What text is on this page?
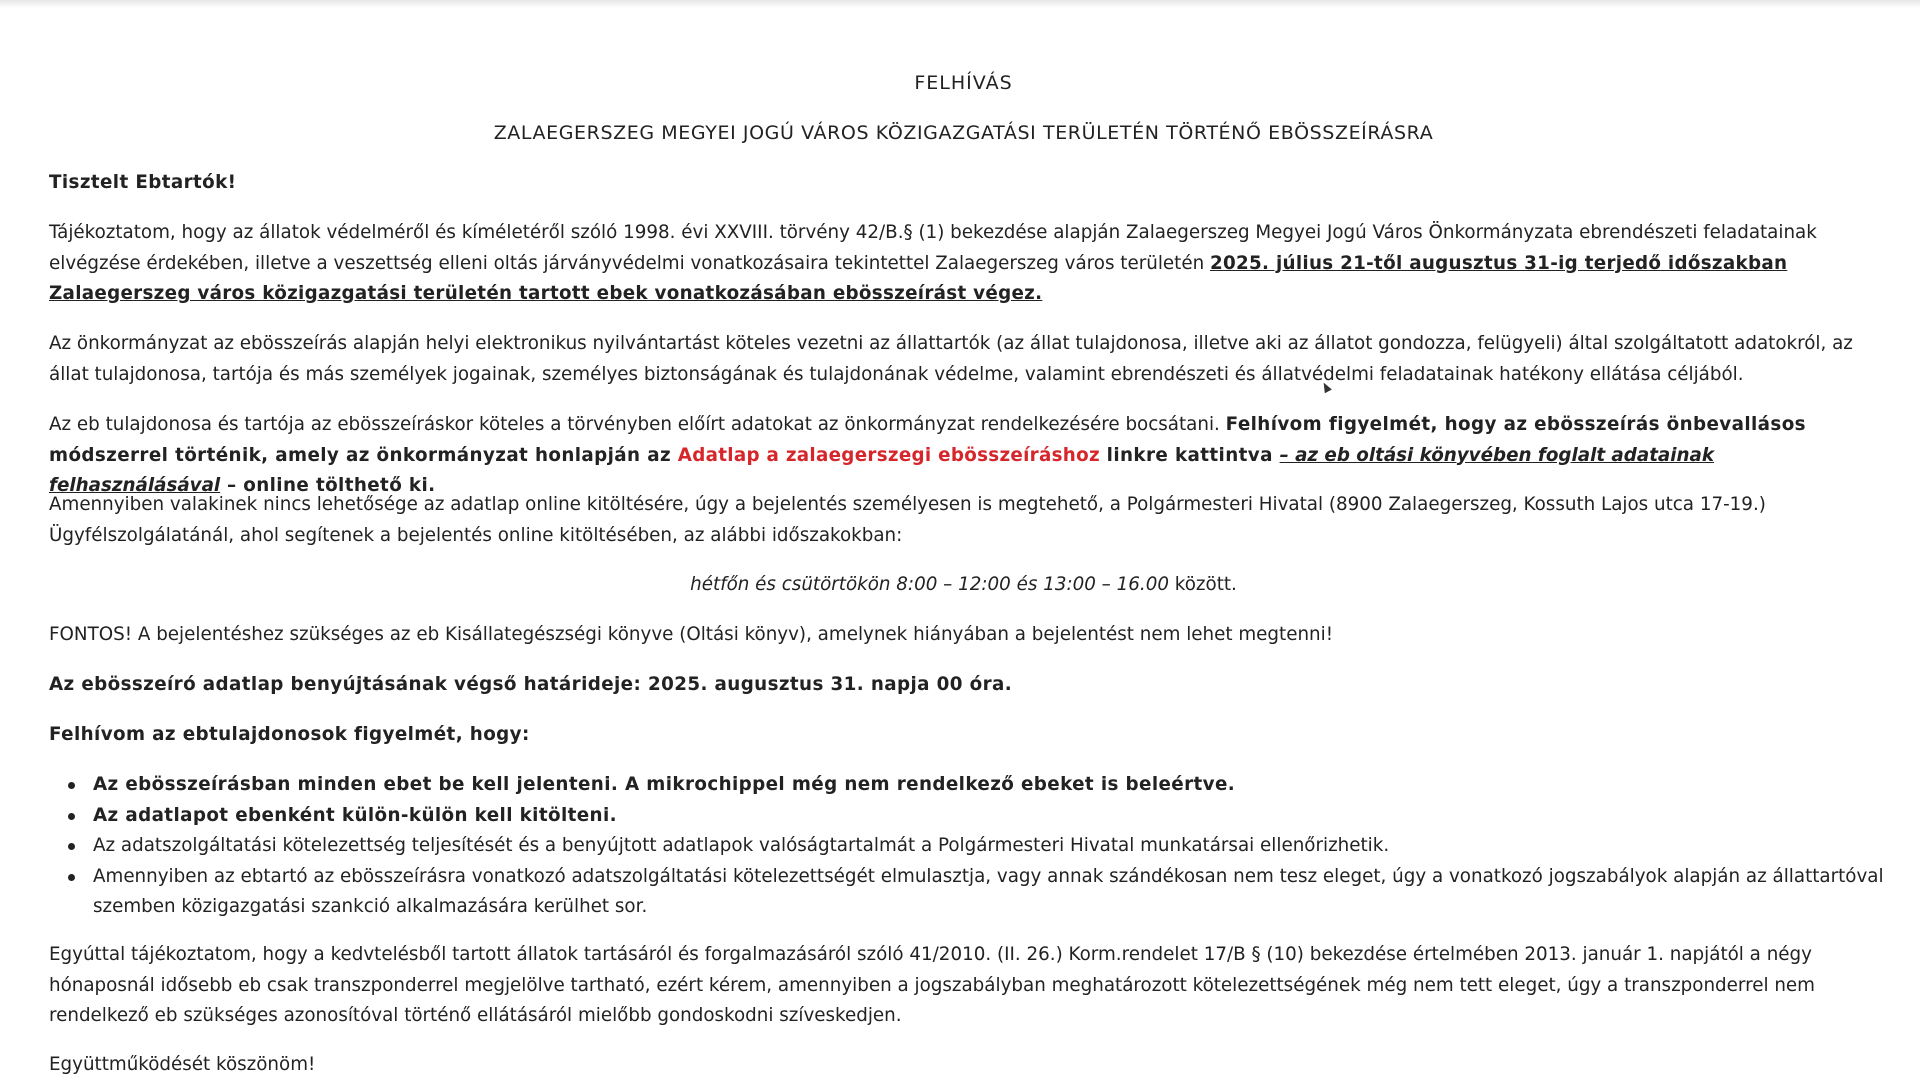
FELHÍVÁS

ZALAEGERSZEG MEGYEI JOGÚ VÁROS KÖZIGAZGATÁSI TERÜLETÉN TÖRTÉNŐ EBÖSSZEÍRÁSRA

Tisztelt Ebtartók!

Tájékoztatom, hogy az állatok védelméről és kíméletéről szóló 1998. évi XXVIII. törvény 42/B.§ (1) bekezdése alapján Zalaegerszeg Megyei Jogú Város Önkormányzata ebrendészeti feladatainak elvégzése érdekében, illetve a veszettség elleni oltás járványvédelmi vonatkozásaira tekintettel Zalaegerszeg város területén 2025. július 21-től augusztus 31-ig terjedő időszakban Zalaegerszeg város közigazgatási területén tartott ebek vonatkozásában ebösszeírást végez.

Az önkormányzat az ebösszeírás alapján helyi elektronikus nyilvántartást köteles vezetni az állattartók (az állat tulajdonosa, illetve aki az állatot gondozza, felügyeli) által szolgáltatott adatokról, az állat tulajdonosa, tartója és más személyek jogainak, személyes biztonságának és tulajdonának védelme, valamint ebrendészeti és állatvédelmi feladatainak hatékony ellátása céljából.

Az eb tulajdonosa és tartója az ebösszeíráskor köteles a törvényben előírt adatokat az önkormányzat rendelkezésére bocsátani. Felhívom figyelmét, hogy az ebösszeírás önbevallásos módszerrel történik, amely az önkormányzat honlapján az Adatlap a zalaegerszegi ebösszeíráshoz linkre kattintva – az eb oltási könyvében foglalt adatainak felhasználásával – online tölthető ki.

Amennyiben valakinek nincs lehetősége az adatlap online kitöltésére, úgy a bejelentés személyesen is megtehető, a Polgármesteri Hivatal (8900 Zalaegerszeg, Kossuth Lajos utca 17-19.) Ügyfélszolgálatánál, ahol segítenek a bejelentés online kitöltésében, az alábbi időszakokban:

hétfőn és csütörtökön 8:00 – 12:00 és 13:00 – 16.00 között.

FONTOS! A bejelentéshez szükséges az eb Kisállategészségi könyve (Oltási könyv), amelynek hiányában a bejelentést nem lehet megtenni!

Az ebösszeíró adatlap benyújtásának végső határideje: 2025. augusztus 31. napja 00 óra.

Felhívom az ebtulajdonosok figyelmét, hogy:

Az ebösszeírásban minden ebet be kell jelenteni. A mikrochippel még nem rendelkező ebeket is beleértve.
Az adatlapot ebenként külön-külön kell kitölteni.
Az adatszolgáltatási kötelezettség teljesítését és a benyújtott adatlapok valóságtartalmát a Polgármesteri Hivatal munkatársai ellenőrizhetik.
Amennyiben az ebtartó az ebösszeírásra vonatkozó adatszolgáltatási kötelezettségét elmulasztja, vagy annak szándékosan nem tesz eleget, úgy a vonatkozó jogszabályok alapján az állattartóval szemben közigazgatási szankció alkalmazására kerülhet sor.

Egyúttal tájékoztatom, hogy a kedvtelésből tartott állatok tartásáról és forgalmazásáról szóló 41/2010. (II. 26.) Korm.rendelet 17/B § (10) bekezdése értelmében 2013. január 1. napjától a négy hónaposnál idősebb eb csak transzponderrel megjelölve tartható, ezért kérem, amennyiben a jogszabályban meghatározott kötelezettségének még nem tett eleget, úgy a transzponderrel nem rendelkező eb szükséges azonosítóval történő ellátásáról mielőbb gondoskodni szíveskedjen.

Együttműködését köszönöm!
